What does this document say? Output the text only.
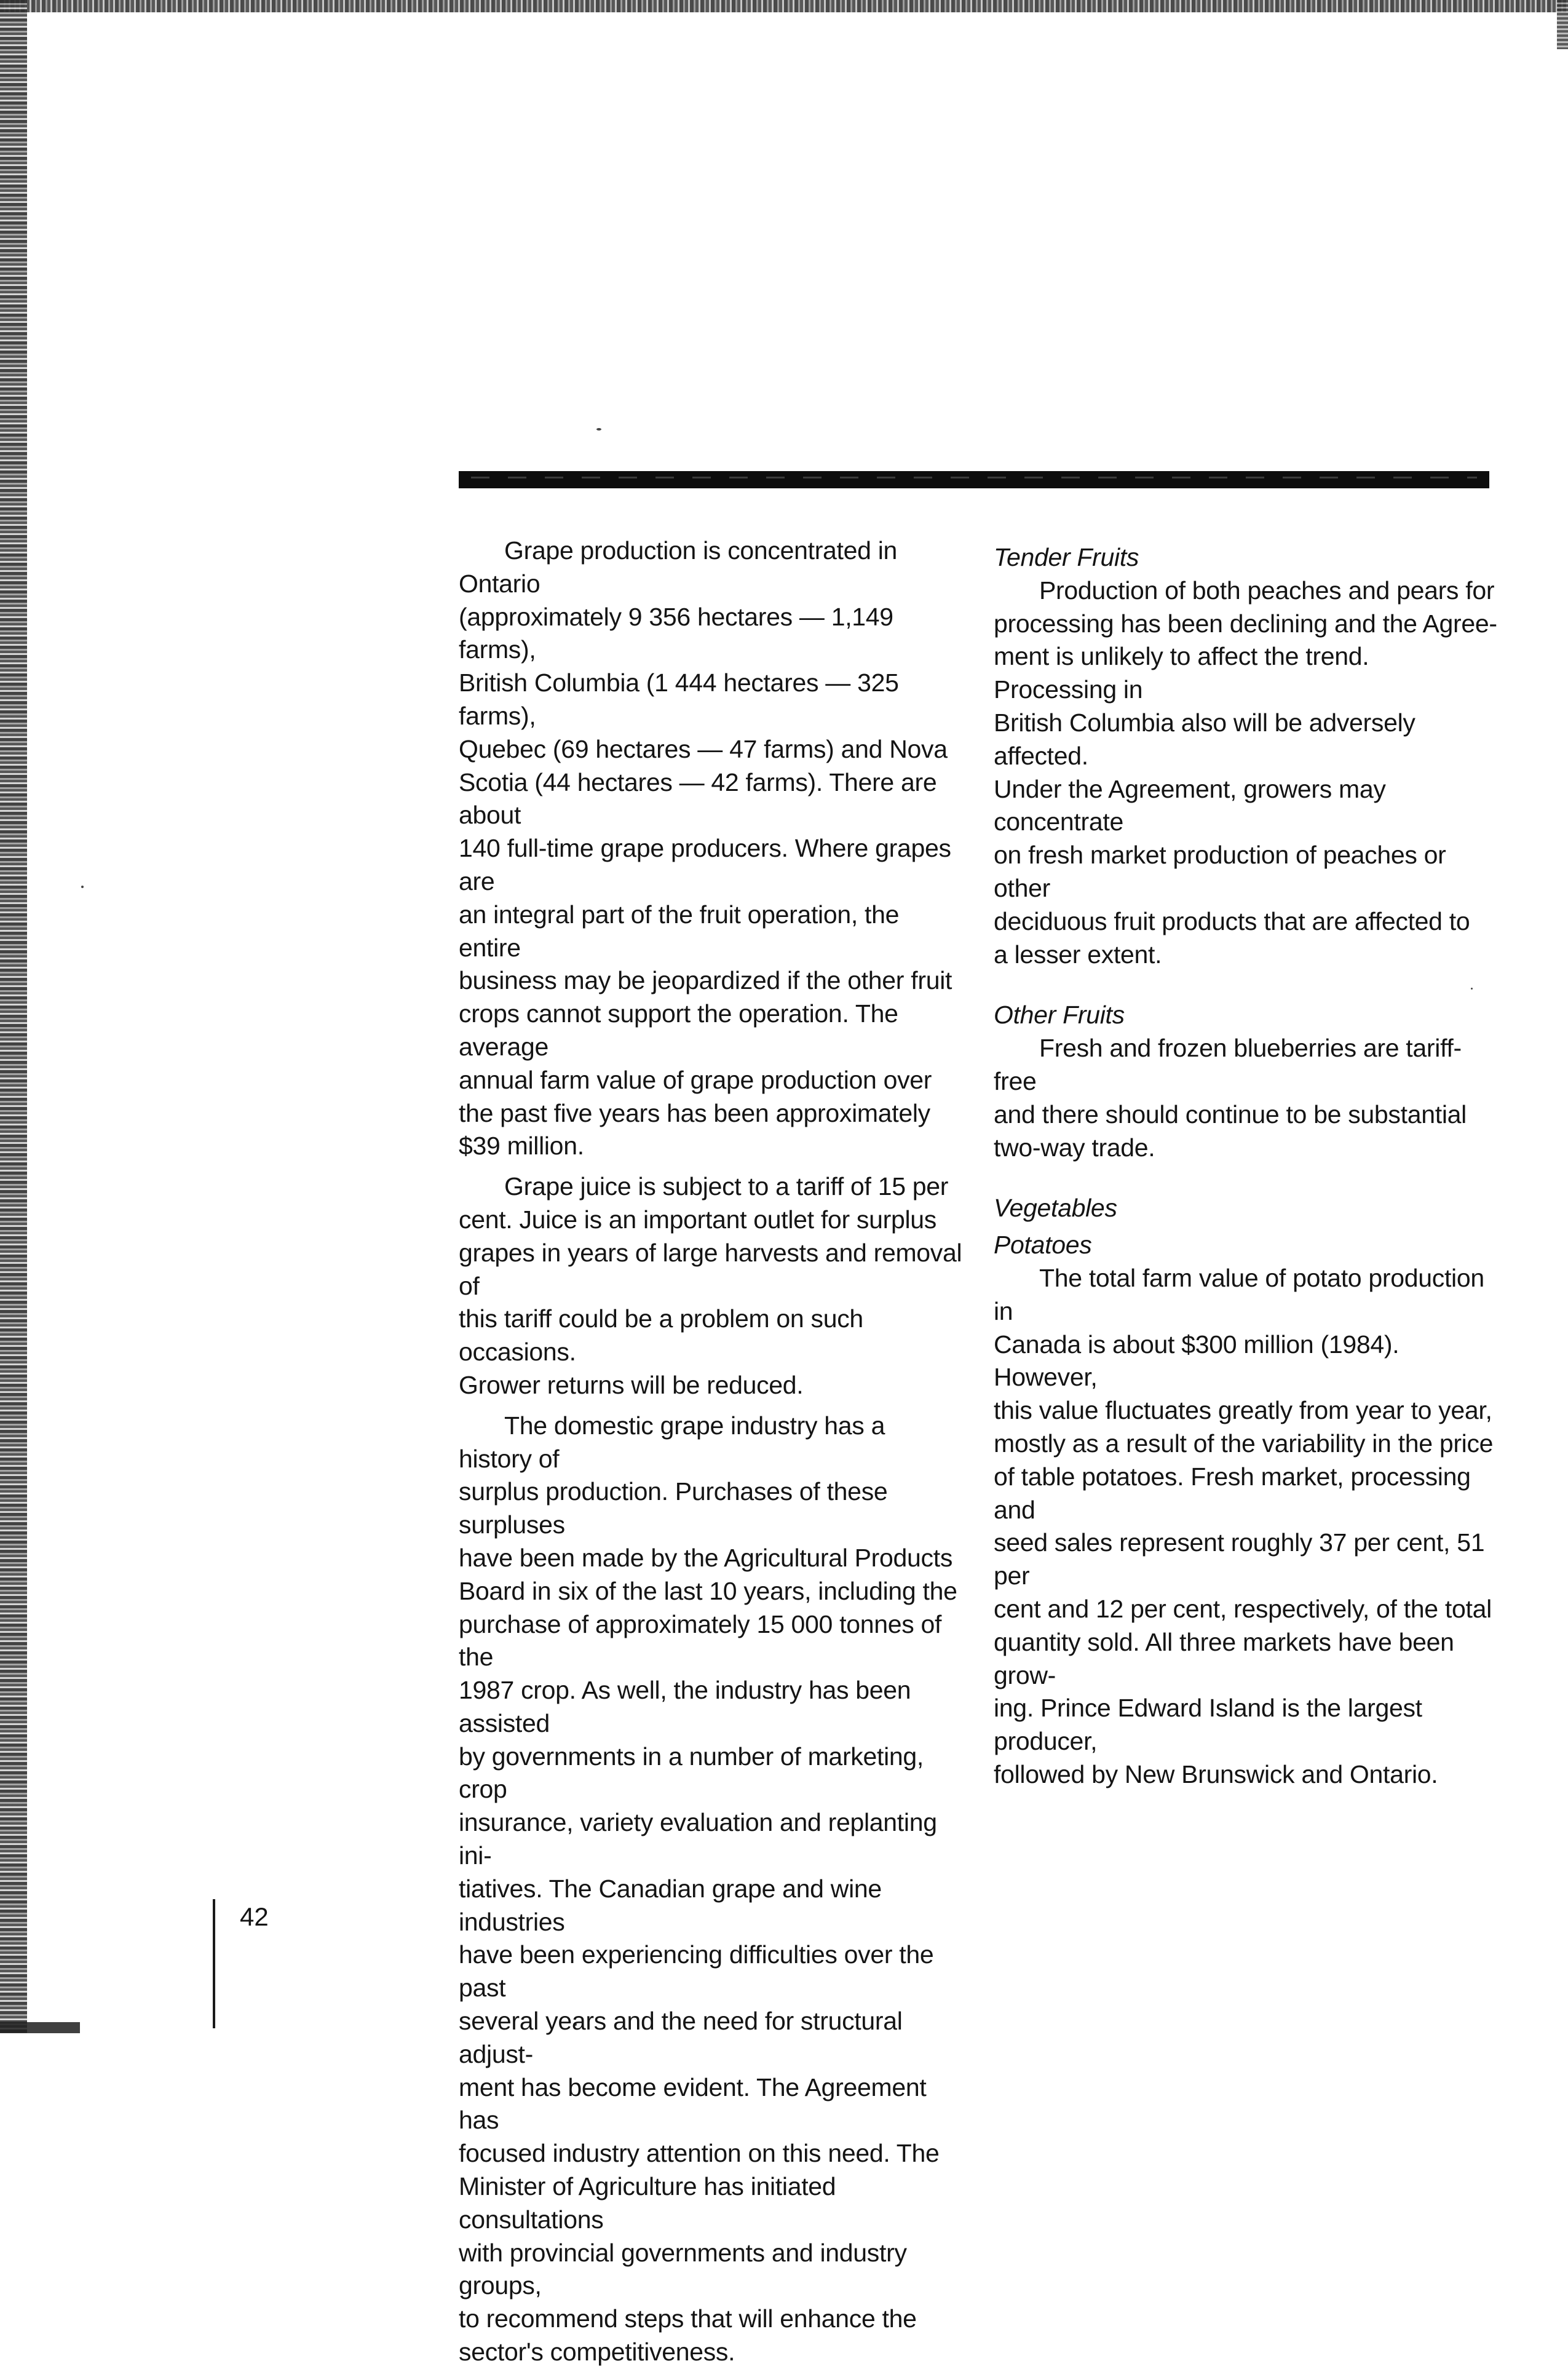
Grape production is concentrated in Ontario
(approximately 9 356 hectares — 1,149 farms),
British Columbia (1 444 hectares — 325 farms),
Quebec (69 hectares — 47 farms) and Nova
Scotia (44 hectares — 42 farms). There are about
140 full-time grape producers. Where grapes are
an integral part of the fruit operation, the entire
business may be jeopardized if the other fruit
crops cannot support the operation. The average
annual farm value of grape production over
the past five years has been approximately
$39 million.

Grape juice is subject to a tariff of 15 per
cent. Juice is an important outlet for surplus
grapes in years of large harvests and removal of
this tariff could be a problem on such occasions.
Grower returns will be reduced.

The domestic grape industry has a history of
surplus production. Purchases of these surpluses
have been made by the Agricultural Products
Board in six of the last 10 years, including the
purchase of approximately 15 000 tonnes of the
1987 crop. As well, the industry has been assisted
by governments in a number of marketing, crop
insurance, variety evaluation and replanting ini-
tiatives. The Canadian grape and wine industries
have been experiencing difficulties over the past
several years and the need for structural adjust-
ment has become evident. The Agreement has
focused industry attention on this need. The
Minister of Agriculture has initiated consultations
with provincial governments and industry groups,
to recommend steps that will enhance the
sector's competitiveness.

Tender Fruits

Production of both peaches and pears for
processing has been declining and the Agree-
ment is unlikely to affect the trend. Processing in
British Columbia also will be adversely affected.
Under the Agreement, growers may concentrate
on fresh market production of peaches or other
deciduous fruit products that are affected to
a lesser extent.

Other Fruits

Fresh and frozen blueberries are tariff-free
and there should continue to be substantial
two-way trade.

Vegetables

Potatoes

The total farm value of potato production in
Canada is about $300 million (1984). However,
this value fluctuates greatly from year to year,
mostly as a result of the variability in the price
of table potatoes. Fresh market, processing and
seed sales represent roughly 37 per cent, 51 per
cent and 12 per cent, respectively, of the total
quantity sold. All three markets have been grow-
ing. Prince Edward Island is the largest producer,
followed by New Brunswick and Ontario.

42
